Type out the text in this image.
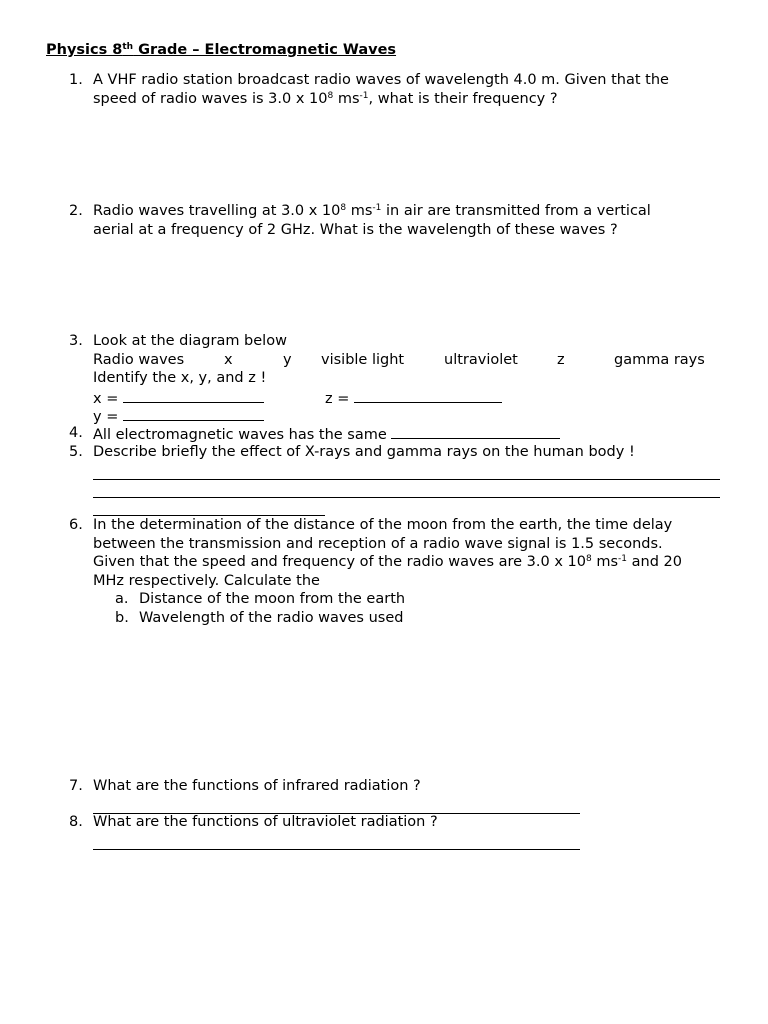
Physics 8th Grade – Electromagnetic Waves
1. A VHF radio station broadcast radio waves of wavelength 4.0 m. Given that the
speed of radio waves is 3.0 x $10^8$ $ms^{-1}$, what is their frequency ?
2. Radio waves travelling at 3.0 x $10^8$ $ms^{-1}$ in air are transmitted from a vertical
aerial at a frequency of 2 GHz. What is the wavelength of these waves ?
3. Look at the diagram below
Radio waves	x	y visible light	ultraviolet	z	gamma rays
Identify the x, y, and z !
x =	z =
y =
4. All electromagnetic waves has the same
5. Describe briefly the effect of X-rays and gamma rays on the human body !
6. In the determination of the distance of the moon from the earth, the time delay
between the transmission and reception of a radio wave signal is 1.5 seconds.
Given that the speed and frequency of the radio waves are 3.0 x $10^8$ $ms^{-1}$ and 20
MHz respectively. Calculate the
a. Distance of the moon from the earth
b. Wavelength of the radio waves used
7. What are the functions of infrared radiation ?
8. What are the functions of ultraviolet radiation ?
